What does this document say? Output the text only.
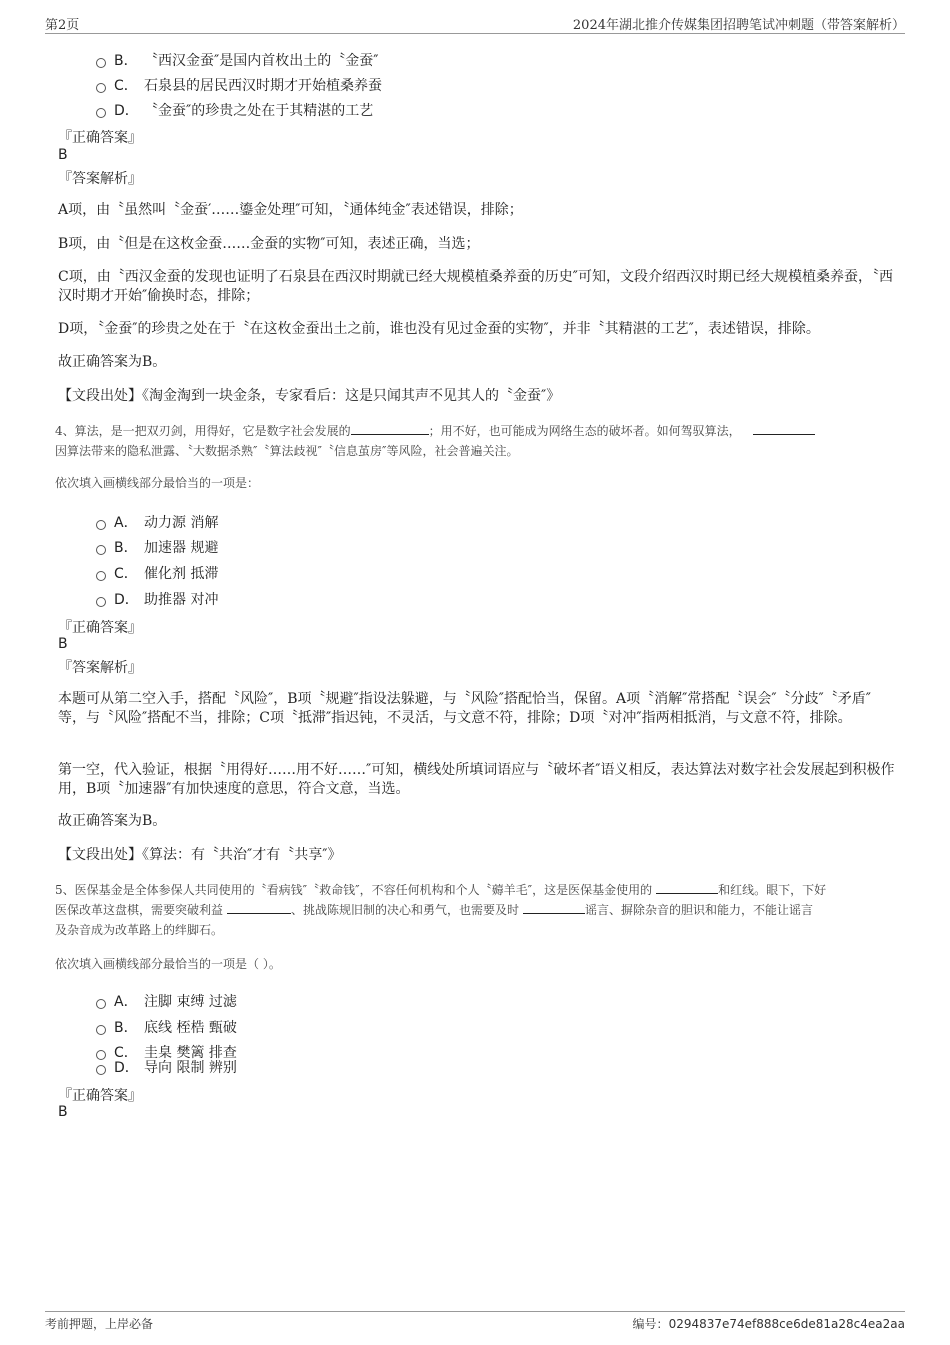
第2页	2024年湖北推介传媒集团招聘笔试冲刺题（带答案解析）
B． 〝西汉金蚕″是国内首枚出土的〝金蚕″
C． 石泉县的居民西汉时期才开始植桑养蚕
D． 〝金蚕″的珍贵之处在于其精湛的工艺
『正确答案』
B
『答案解析』
A项，由〝虽然叫〝金蚕′……鎏金处理″可知，〝通体纯金″表述错误，排除；
B项，由〝但是在这枚金蚕……金蚕的实物″可知，表述正确，当选；
C项，由〝西汉金蚕的发现也证明了石泉县在西汉时期就已经大规模植桑养蚕的历史″可知，文段介绍西汉时期已经大规模植桑养蚕，〝西汉时期才开始″偷换时态，排除；
D项，〝金蚕″的珍贵之处在于〝在这枚金蚕出土之前，谁也没有见过金蚕的实物″，并非〝其精湛的工艺″，表述错误，排除。
故正确答案为B。
【文段出处】《淘金淘到一块金条，专家看后：这是只闻其声不见其人的〝金蚕″》
4、算法，是一把双刃剑，用得好，它是数字社会发展的	；用不好，也可能成为网络生态的破坏者。如何驾驭算法，
因算法带来的隐私泄露、〝大数据杀熟″〝算法歧视″〝信息茧房″等风险，社会普遍关注。
依次填入画横线部分最恰当的一项是：
A． 动力源 消解
B． 加速器 规避
C． 催化剂 抵滞
D． 助推器 对冲
『正确答案』
B
『答案解析』
本题可从第二空入手，搭配〝风险″，B项〝规避″指设法躲避，与〝风险″搭配恰当，保留。A项〝消解″常搭配〝误会″〝分歧″〝矛盾″等，与〝风险″搭配不当，排除；C项〝抵滞″指迟钝，不灵活，与文意不符，排除；D项〝对冲″指两相抵消，与文意不符，排除。
第一空，代入验证，根据〝用得好……用不好……″可知，横线处所填词语应与〝破坏者″语义相反，表达算法对数字社会发展起到积极作用，B项〝加速器″有加快速度的意思，符合文意，当选。
故正确答案为B。
【文段出处】《算法：有〝共治″才有〝共享″》
5、医保基金是全体参保人共同使用的〝看病钱″〝救命钱″，不容任何机构和个人〝薅羊毛″，这是医保基金使用的	和红线。眼下，下好
医保改革这盘棋，需要突破利益	、挑战陈规旧制的决心和勇气，也需要及时	谣言、摒除杂音的胆识和能力，不能让谣言
及杂音成为改革路上的绊脚石。
依次填入画横线部分最恰当的一项是（ ）。
A． 注脚 束缚 过滤
B． 底线 桎梏 甄破
C． 圭臬 樊篱 排查
D． 导向 限制 辨别
『正确答案』
B
考前押题，上岸必备	编号：0294837e74ef888ce6de81a28c4ea2aa
